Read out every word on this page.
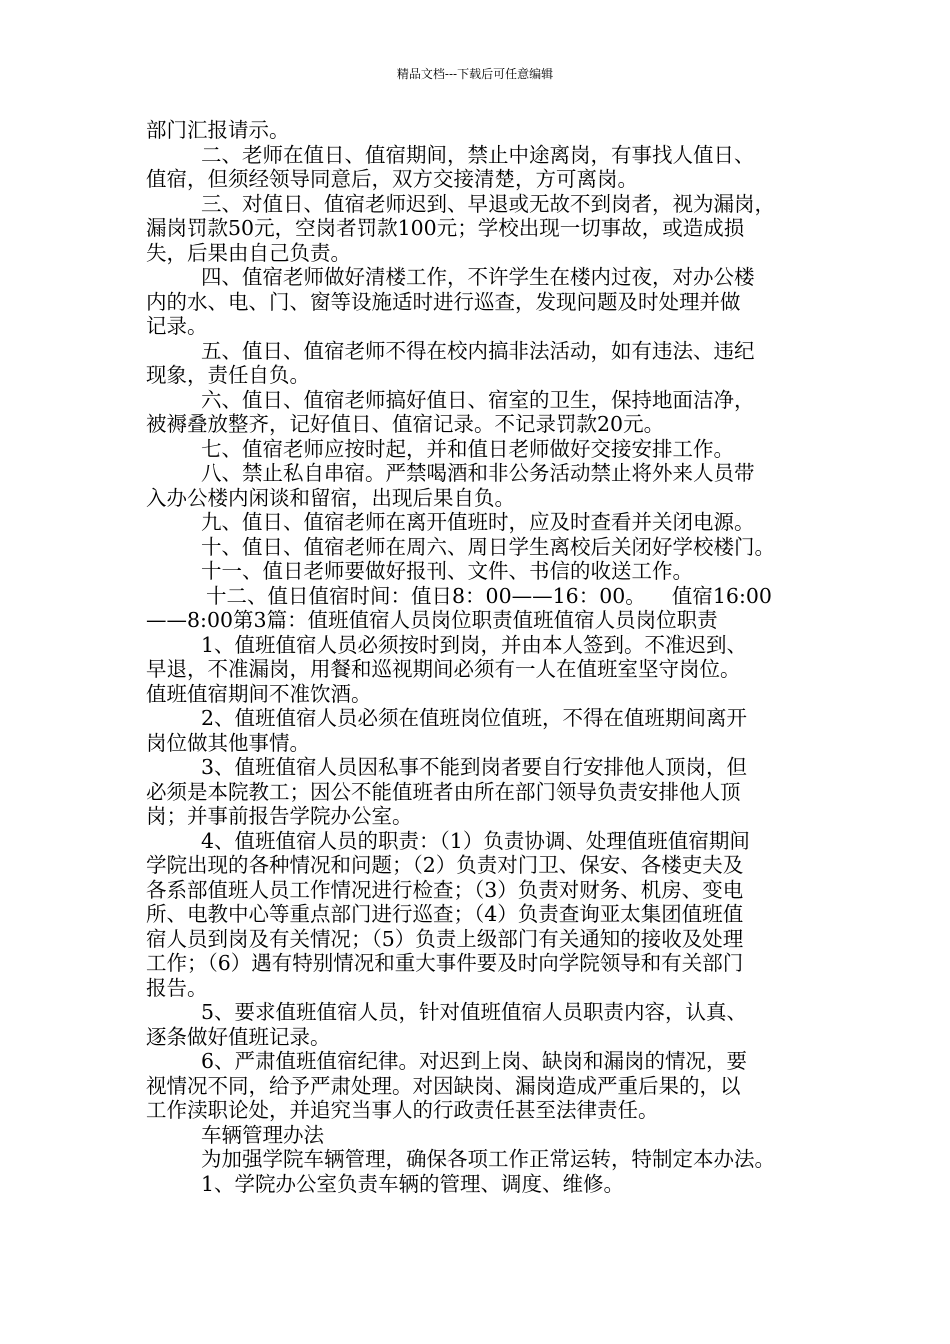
精品文档---下载后可任意编辑
部门汇报请示。
二、老师在值日、值宿期间，禁止中途离岗，有事找人值日、
值宿，但须经领导同意后，双方交接清楚，方可离岗。
三、对值日、值宿老师迟到、早退或无故不到岗者，视为漏岗，
漏岗罚款50元，空岗者罚款100元；学校出现一切事故，或造成损
失，后果由自己负责。
四、值宿老师做好清楼工作，不许学生在楼内过夜，对办公楼
内的水、电、门、窗等设施适时进行巡查，发现问题及时处理并做
记录。
五、值日、值宿老师不得在校内搞非法活动，如有违法、违纪
现象，责任自负。
六、值日、值宿老师搞好值日、宿室的卫生，保持地面洁净，
被褥叠放整齐，记好值日、值宿记录。不记录罚款20元。
七、值宿老师应按时起，并和值日老师做好交接安排工作。
八、禁止私自串宿。严禁喝酒和非公务活动禁止将外来人员带
入办公楼内闲谈和留宿，出现后果自负。
九、值日、值宿老师在离开值班时，应及时查看并关闭电源。
十、值日、值宿老师在周六、周日学生离校后关闭好学校楼门。
十一、值日老师要做好报刊、文件、书信的收送工作。
十二、值日值宿时间：值日8：00——16：00。    值宿16:00
——8:00第3篇：值班值宿人员岗位职责值班值宿人员岗位职责
1、值班值宿人员必须按时到岗，并由本人签到。不准迟到、
早退，不准漏岗，用餐和巡视期间必须有一人在值班室坚守岗位。
值班值宿期间不准饮酒。
2、值班值宿人员必须在值班岗位值班，不得在值班期间离开
岗位做其他事情。
3、值班值宿人员因私事不能到岗者要自行安排他人顶岗，但
必须是本院教工；因公不能值班者由所在部门领导负责安排他人顶
岗；并事前报告学院办公室。
4、值班值宿人员的职责：（1）负责协调、处理值班值宿期间
学院出现的各种情况和问题；（2）负责对门卫、保安、各楼吏夫及
各系部值班人员工作情况进行检查；（3）负责对财务、机房、变电
所、电教中心等重点部门进行巡查；（4）负责查询亚太集团值班值
宿人员到岗及有关情况；（5）负责上级部门有关通知的接收及处理
工作；（6）遇有特别情况和重大事件要及时向学院领导和有关部门
报告。
5、要求值班值宿人员，针对值班值宿人员职责内容，认真、
逐条做好值班记录。
6、严肃值班值宿纪律。对迟到上岗、缺岗和漏岗的情况，要
视情况不同，给予严肃处理。对因缺岗、漏岗造成严重后果的，以
工作渎职论处，并追究当事人的行政责任甚至法律责任。
车辆管理办法
为加强学院车辆管理，确保各项工作正常运转，特制定本办法。
1、学院办公室负责车辆的管理、调度、维修。
